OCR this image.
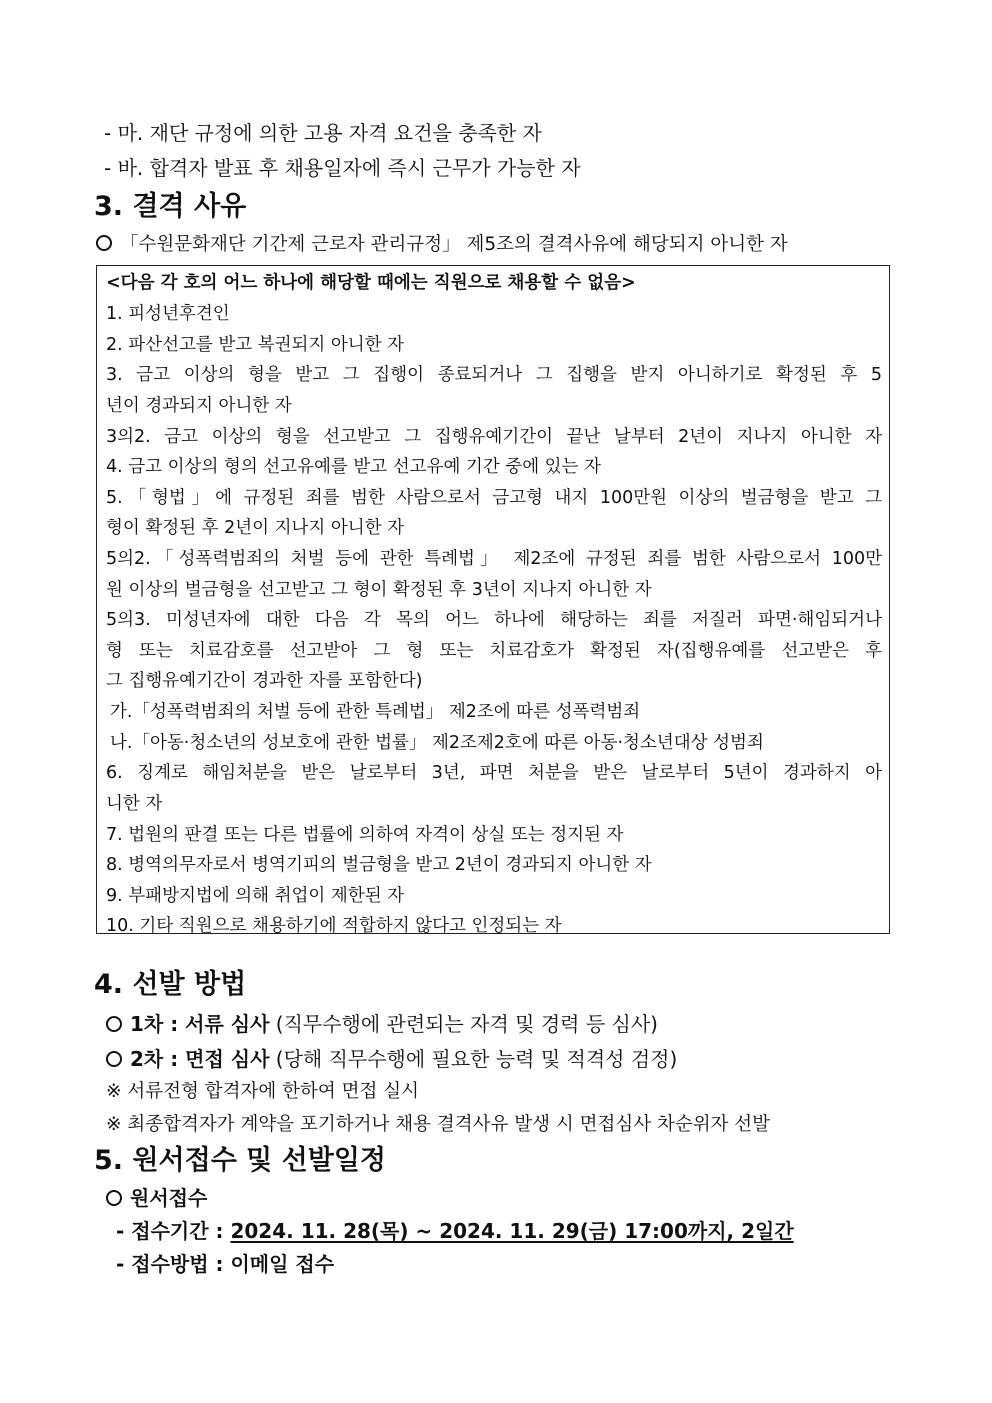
- 마. 재단 규정에 의한 고용 자격 요건을 충족한 자
- 바. 합격자 발표 후 채용일자에 즉시 근무가 가능한 자
3. 결격 사유
「수원문화재단 기간제 근로자 관리규정」 제5조의 결격사유에 해당되지 아니한 자
<다음 각 호의 어느 하나에 해당할 때에는 직원으로 채용할 수 없음>
1. 피성년후견인
2. 파산선고를 받고 복권되지 아니한 자
3. 금고 이상의 형을 받고 그 집행이 종료되거나 그 집행을 받지 아니하기로 확정된 후 5
년이 경과되지 아니한 자
3의2. 금고 이상의 형을 선고받고 그 집행유예기간이 끝난 날부터 2년이 지나지 아니한 자
4. 금고 이상의 형의 선고유예를 받고 선고유예 기간 중에 있는 자
5.「형법」에 규정된 죄를 범한 사람으로서 금고형 내지 100만원 이상의 벌금형을 받고 그
형이 확정된 후 2년이 지나지 아니한 자
5의2.「성폭력범죄의 처벌 등에 관한 특례법」 제2조에 규정된 죄를 범한 사람으로서 100만
원 이상의 벌금형을 선고받고 그 형이 확정된 후 3년이 지나지 아니한 자
5의3. 미성년자에 대한 다음 각 목의 어느 하나에 해당하는 죄를 저질러 파면·해임되거나
형 또는 치료감호를 선고받아 그 형 또는 치료감호가 확정된 자(집행유예를 선고받은 후
그 집행유예기간이 경과한 자를 포함한다)
가.「성폭력범죄의 처벌 등에 관한 특례법」 제2조에 따른 성폭력범죄
나.「아동·청소년의 성보호에 관한 법률」 제2조제2호에 따른 아동·청소년대상 성범죄
6. 징계로 해임처분을 받은 날로부터 3년, 파면 처분을 받은 날로부터 5년이 경과하지 아
니한 자
7. 법원의 판결 또는 다른 법률에 의하여 자격이 상실 또는 정지된 자
8. 병역의무자로서 병역기피의 벌금형을 받고 2년이 경과되지 아니한 자
9. 부패방지법에 의해 취업이 제한된 자
10. 기타 직원으로 채용하기에 적합하지 않다고 인정되는 자
4. 선발 방법
1차 : 서류 심사 (직무수행에 관련되는 자격 및 경력 등 심사)
2차 : 면접 심사 (당해 직무수행에 필요한 능력 및 적격성 검정)
※ 서류전형 합격자에 한하여 면접 실시
※ 최종합격자가 계약을 포기하거나 채용 결격사유 발생 시 면접심사 차순위자 선발
5. 원서접수 및 선발일정
원서접수
- 접수기간 : 2024. 11. 28(목) ~ 2024. 11. 29(금) 17:00까지, 2일간
- 접수방법 : 이메일 접수
